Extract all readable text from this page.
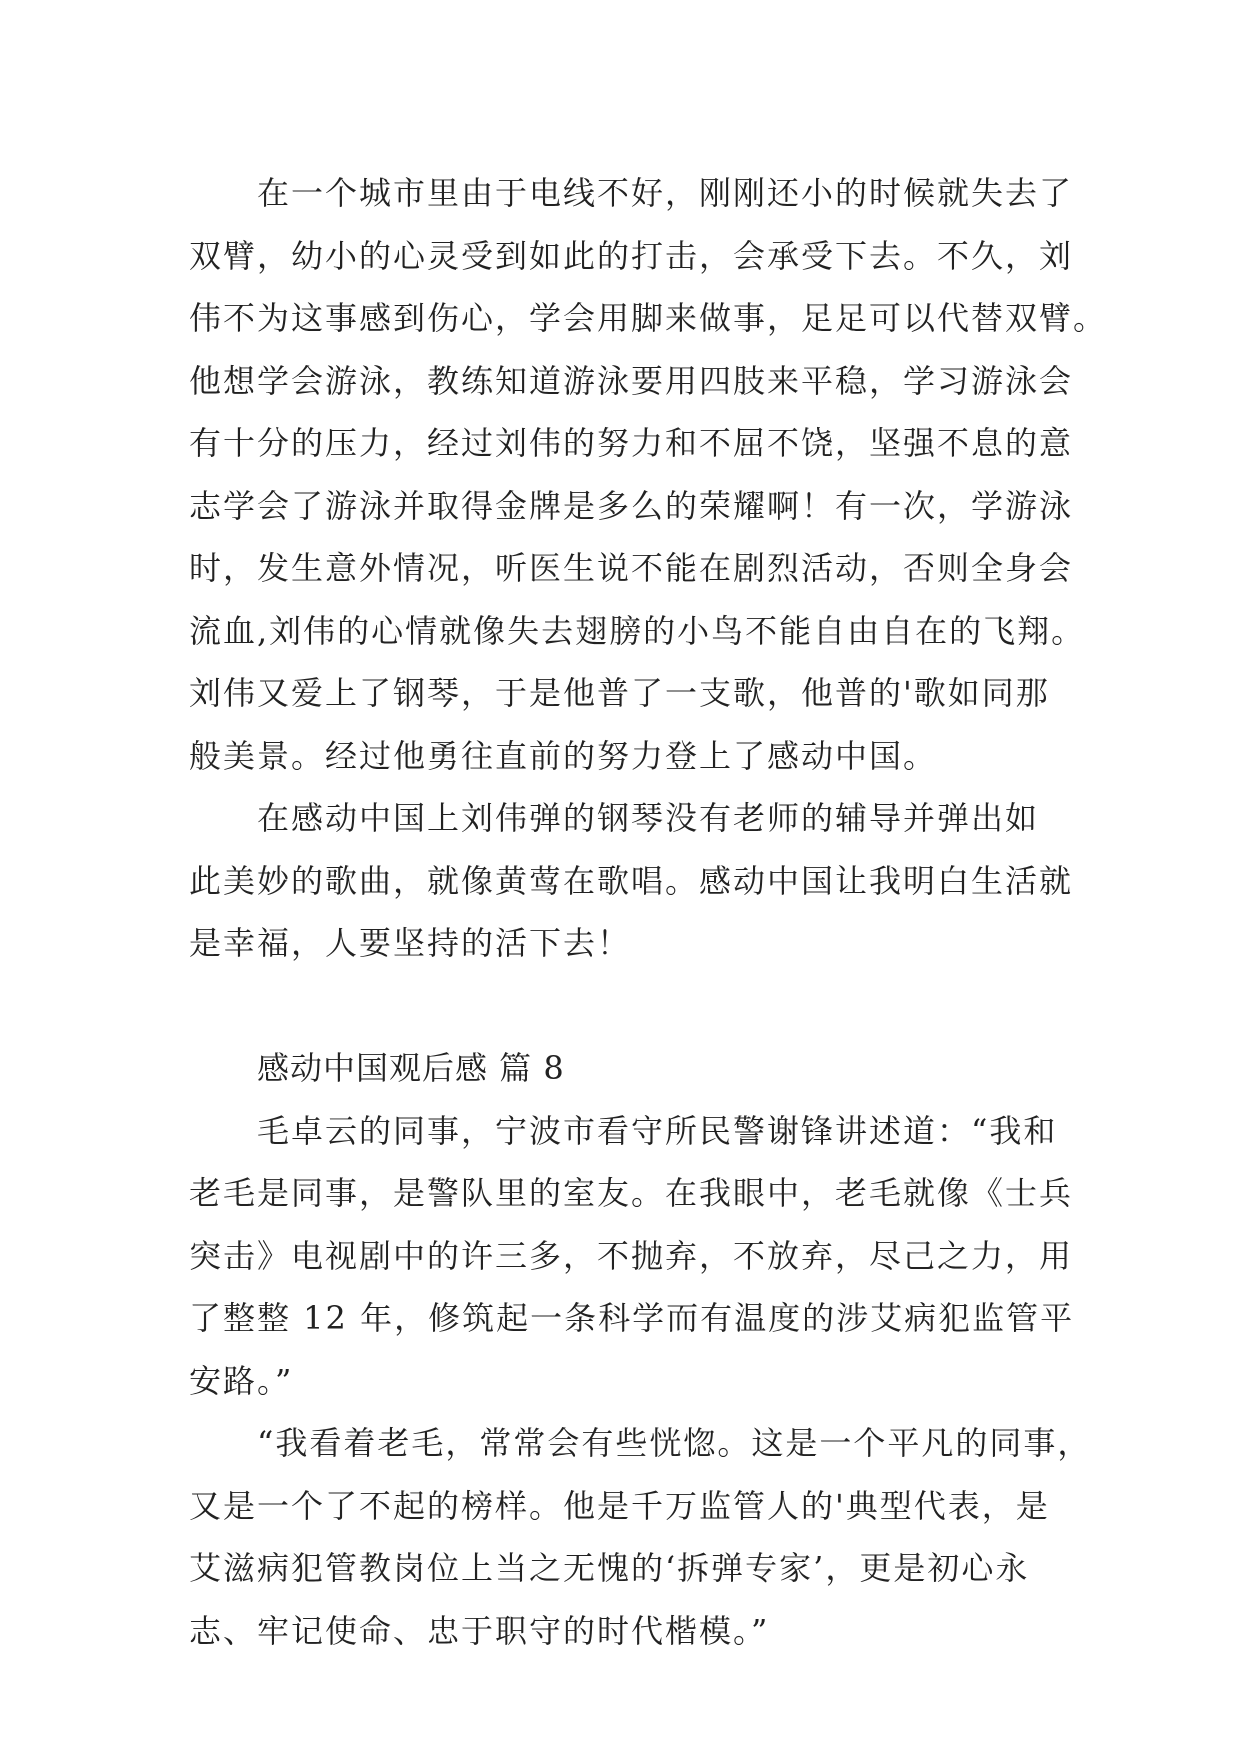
在一个城市里由于电线不好，刚刚还小的时候就失去了
双臂，幼小的心灵受到如此的打击，会承受下去。不久，刘
伟不为这事感到伤心，学会用脚来做事，足足可以代替双臂。
他想学会游泳，教练知道游泳要用四肢来平稳，学习游泳会
有十分的压力，经过刘伟的努力和不屈不饶，坚强不息的意
志学会了游泳并取得金牌是多么的荣耀啊！有一次，学游泳
时，发生意外情况，听医生说不能在剧烈活动，否则全身会
流血,刘伟的心情就像失去翅膀的小鸟不能自由自在的飞翔。
刘伟又爱上了钢琴，于是他普了一支歌，他普的'歌如同那
般美景。经过他勇往直前的努力登上了感动中国。
在感动中国上刘伟弹的钢琴没有老师的辅导并弹出如
此美妙的歌曲，就像黄莺在歌唱。感动中国让我明白生活就
是幸福，人要坚持的活下去！
感动中国观后感 篇 8
毛卓云的同事，宁波市看守所民警谢锋讲述道：“我和
老毛是同事，是警队里的室友。在我眼中，老毛就像《士兵
突击》电视剧中的许三多，不抛弃，不放弃，尽己之力，用
了整整 12 年，修筑起一条科学而有温度的涉艾病犯监管平
安路。”
“我看着老毛，常常会有些恍惚。这是一个平凡的同事，
又是一个了不起的榜样。他是千万监管人的'典型代表，是
艾滋病犯管教岗位上当之无愧的‘拆弹专家’，更是初心永
志、牢记使命、忠于职守的时代楷模。”
